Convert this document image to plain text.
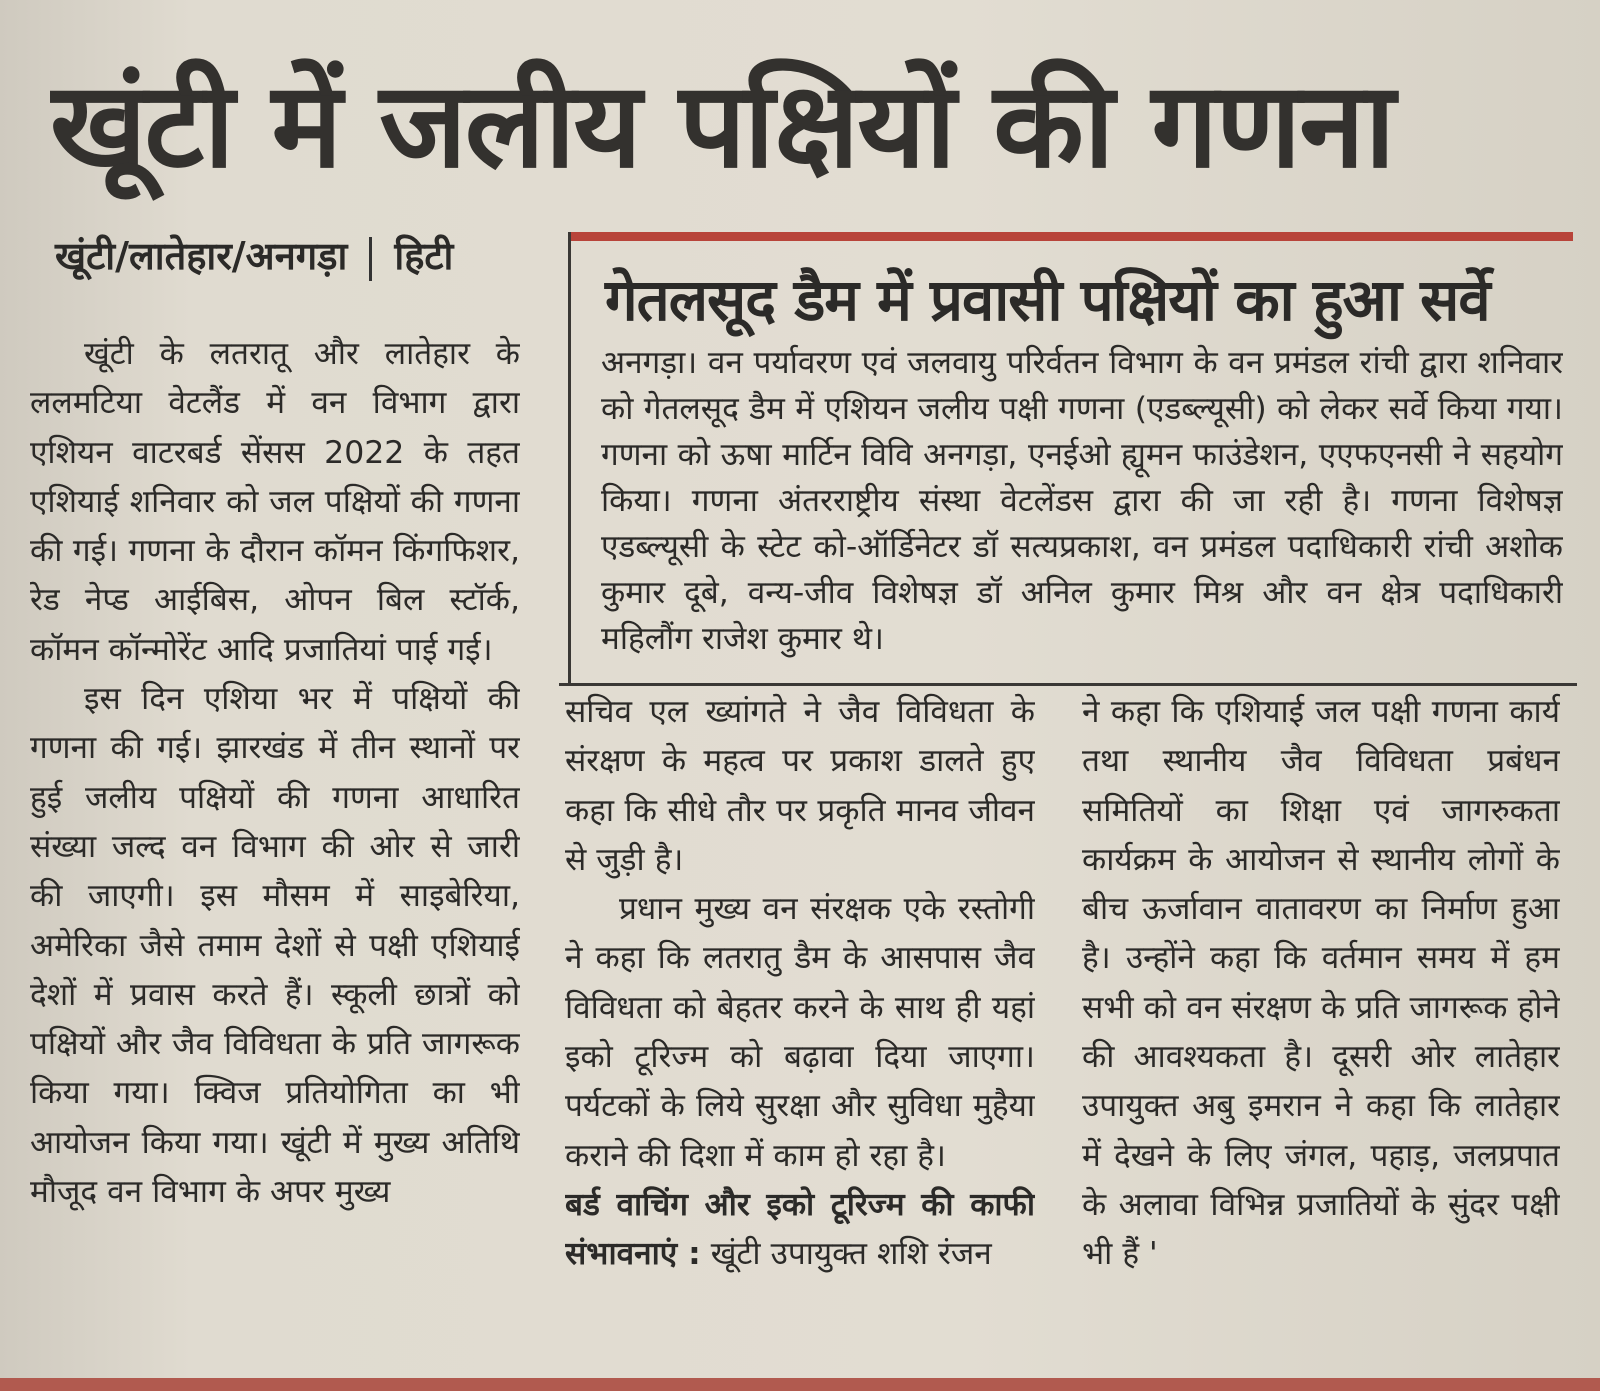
खूंटी में जलीय पक्षियों की गणना
खूंटी/लातेहार/अनगड़ा हिटी

खूंटी के लतरातू और लातेहार के ललमटिया वेटलैंड में वन विभाग द्वारा एशियन वाटरबर्ड सेंसस 2022 के तहत एशियाई शनिवार को जल पक्षियों की गणना की गई। गणना के दौरान कॉमन किंगफिशर, रेड नेप्ड आईबिस, ओपन बिल स्टॉर्क, कॉमन कॉन्मोरेंट आदि प्रजातियां पाई गई।

इस दिन एशिया भर में पक्षियों की गणना की गई। झारखंड में तीन स्थानों पर हुई जलीय पक्षियों की गणना आधारित संख्या जल्द वन विभाग की ओर से जारी की जाएगी। इस मौसम में साइबेरिया, अमेरिका जैसे तमाम देशों से पक्षी एशियाई देशों में प्रवास करते हैं। स्कूली छात्रों को पक्षियों और जैव विविधता के प्रति जागरूक किया गया। क्विज प्रतियोगिता का भी आयोजन किया गया। खूंटी में मुख्य अतिथि मौजूद वन विभाग के अपर मुख्य

गेतलसूद डैम में प्रवासी पक्षियों का हुआ सर्वे
अनगड़ा। वन पर्यावरण एवं जलवायु परिर्वतन विभाग के वन प्रमंडल रांची द्वारा शनिवार को गेतलसूद डैम में एशियन जलीय पक्षी गणना (एडब्ल्यूसी) को लेकर सर्वे किया गया। गणना को ऊषा मार्टिन विवि अनगड़ा, एनईओ ह्यूमन फाउंडेशन, एएफएनसी ने सहयोग किया। गणना अंतरराष्ट्रीय संस्था वेटलेंडस द्वारा की जा रही है। गणना विशेषज्ञ एडब्ल्यूसी के स्टेट को-ऑर्डिनेटर डॉ सत्यप्रकाश, वन प्रमंडल पदाधिकारी रांची अशोक कुमार दूबे, वन्य-जीव विशेषज्ञ डॉ अनिल कुमार मिश्र और वन क्षेत्र पदाधिकारी महिलौंग राजेश कुमार थे।

सचिव एल ख्यांगते ने जैव विविधता के संरक्षण के महत्व पर प्रकाश डालते हुए कहा कि सीधे तौर पर प्रकृति मानव जीवन से जुड़ी है।

प्रधान मुख्य वन संरक्षक एके रस्तोगी ने कहा कि लतरातु डैम के आसपास जैव विविधता को बेहतर करने के साथ ही यहां इको टूरिज्म को बढ़ावा दिया जाएगा। पर्यटकों के लिये सुरक्षा और सुविधा मुहैया कराने की दिशा में काम हो रहा है।

बर्ड वाचिंग और इको टूरिज्म की काफी संभावनाएं : खूंटी उपायुक्त शशि रंजन

ने कहा कि एशियाई जल पक्षी गणना कार्य तथा स्थानीय जैव विविधता प्रबंधन समितियों का शिक्षा एवं जागरुकता कार्यक्रम के आयोजन से स्थानीय लोगों के बीच ऊर्जावान वातावरण का निर्माण हुआ है। उन्होंने कहा कि वर्तमान समय में हम सभी को वन संरक्षण के प्रति जागरूक होने की आवश्यकता है। दूसरी ओर लातेहार उपायुक्त अबु इमरान ने कहा कि लातेहार में देखने के लिए जंगल, पहाड़, जलप्रपात के अलावा विभिन्न प्रजातियों के सुंदर पक्षी भी हैं '
